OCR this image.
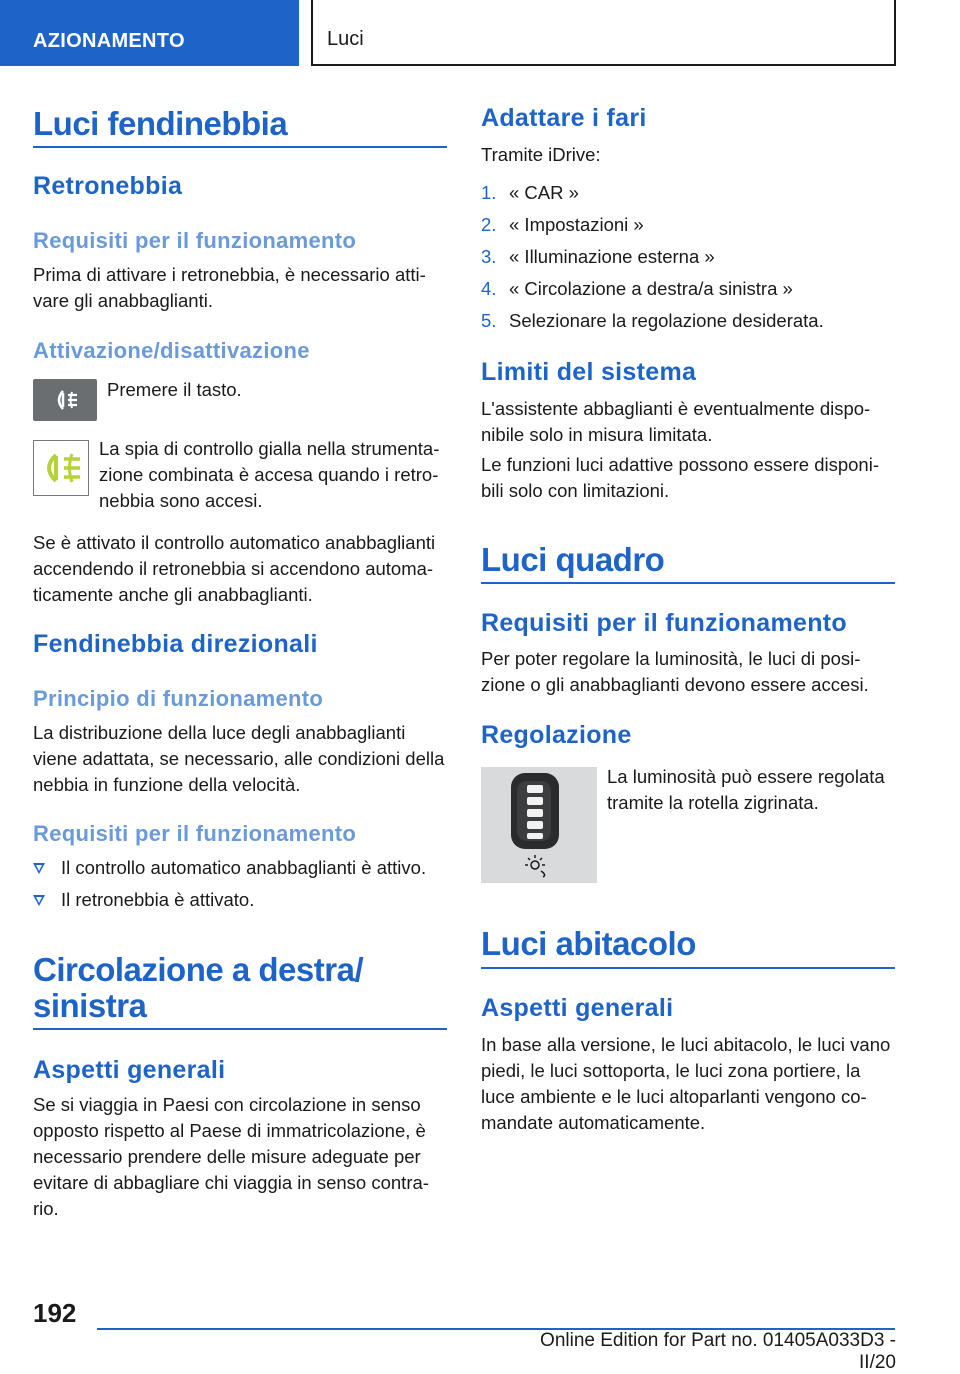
AZIONAMENTO	Luci
Luci fendinebbia
Retronebbia
Requisiti per il funzionamento
Prima di attivare i retronebbia, è necessario atti-
vare gli anabbaglianti.
Attivazione/disattivazione
Premere il tasto.
La spia di controllo gialla nella strumenta-
zione combinata è accesa quando i retro-
nebbia sono accesi.
Se è attivato il controllo automatico anabbaglianti
accendendo il retronebbia si accendono automa-
ticamente anche gli anabbaglianti.
Fendinebbia direzionali
Principio di funzionamento
La distribuzione della luce degli anabbaglianti
viene adattata, se necessario, alle condizioni della
nebbia in funzione della velocità.
Requisiti per il funzionamento
Il controllo automatico anabbaglianti è attivo.
Il retronebbia è attivato.
Circolazione a destra/
sinistra
Aspetti generali
Se si viaggia in Paesi con circolazione in senso
opposto rispetto al Paese di immatricolazione, è
necessario prendere delle misure adeguate per
evitare di abbagliare chi viaggia in senso contra-
rio.
Adattare i fari
Tramite iDrive:
1. « CAR »
2. « Impostazioni »
3. « Illuminazione esterna »
4. « Circolazione a destra/a sinistra »
5. Selezionare la regolazione desiderata.
Limiti del sistema
L'assistente abbaglianti è eventualmente dispo-
nibile solo in misura limitata.
Le funzioni luci adattive possono essere disponi-
bili solo con limitazioni.
Luci quadro
Requisiti per il funzionamento
Per poter regolare la luminosità, le luci di posi-
zione o gli anabbaglianti devono essere accesi.
Regolazione
La luminosità può essere regolata
tramite la rotella zigrinata.
Luci abitacolo
Aspetti generali
In base alla versione, le luci abitacolo, le luci vano
piedi, le luci sottoporta, le luci zona portiere, la
luce ambiente e le luci altoparlanti vengono co-
mandate automaticamente.
192
Online Edition for Part no. 01405A033D3 - II/20
